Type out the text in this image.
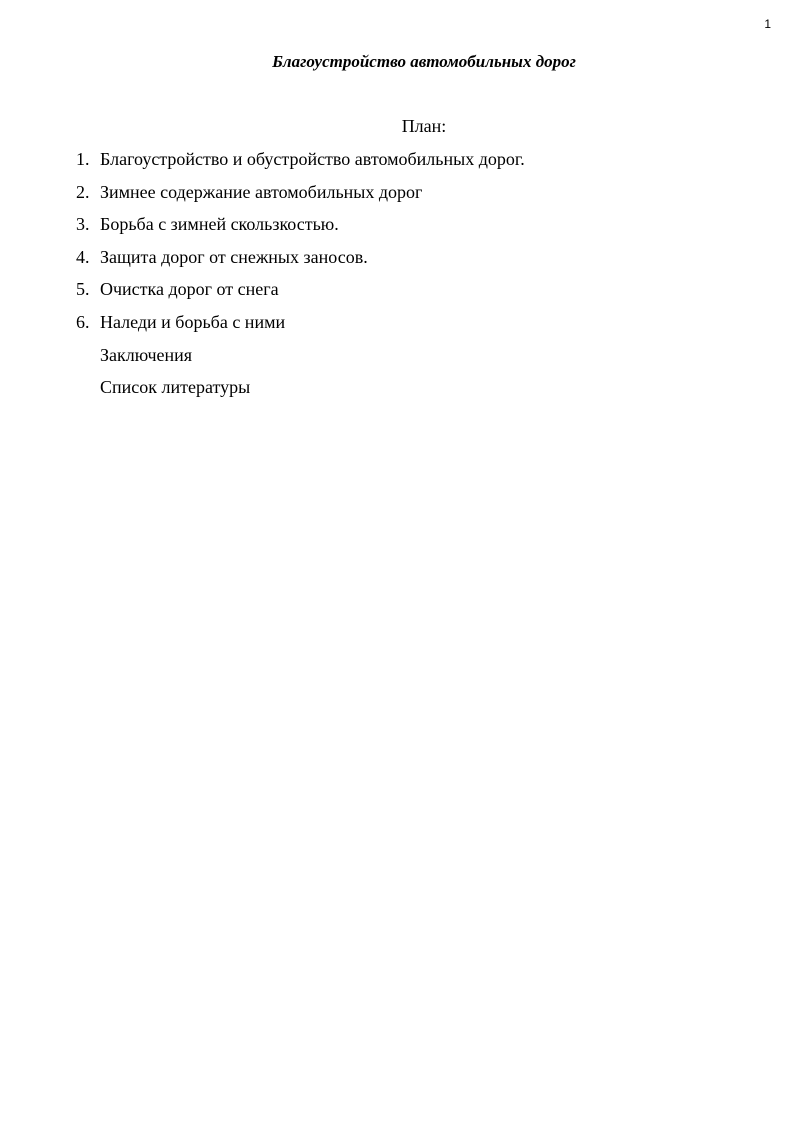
1
Благоустройство автомобильных дорог
План:
1. Благоустройство и обустройство автомобильных дорог.
2. Зимнее содержание автомобильных дорог
3. Борьба с зимней скользкостью.
4. Защита дорог от снежных заносов.
5. Очистка дорог от снега
6. Наледи и борьба с ними
Заключения
Список литературы
